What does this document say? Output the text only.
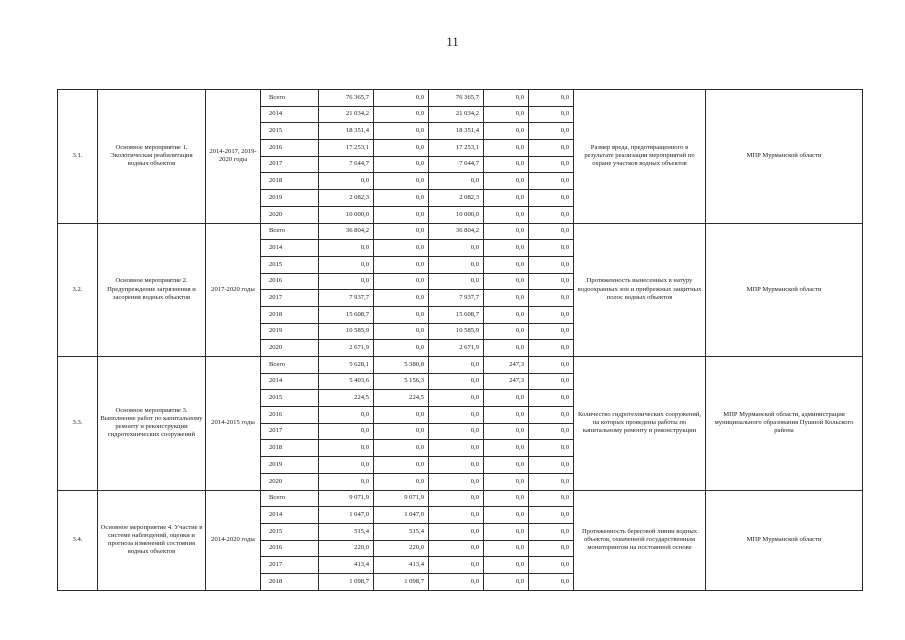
11
3.1.	Основное мероприятие 1. Экологическая реабилитация водных объектов	2014-2017, 2019-2020 годы	Всего	76 365,7	0,0	76 365,7	0,0	0,0	Размер вреда, предотвращенного в результате реализации мероприятий по охране участков водных объектов	МПР Мурманской области
			2014	21 034,2	0,0	21 034,2	0,0	0,0		
			2015	18 351,4	0,0	18 351,4	0,0	0,0		
			2016	17 253,1	0,0	17 253,1	0,0	0,0		
			2017	7 644,7	0,0	7 644,7	0,0	0,0		
			2018	0,0	0,0	0,0	0,0	0,0		
			2019	2 082,3	0,0	2 082,3	0,0	0,0		
			2020	10 000,0	0,0	10 000,0	0,0	0,0		
3.2.	Основное мероприятие 2. Предупреждение загрязнения и засорения водных объектов	2017-2020 годы	Всего	36 804,2	0,0	36 804,2	0,0	0,0	Протяженность вынесенных в натуру водоохранных зон и прибрежных защитных полос водных объектов	МПР Мурманской области
			2014	0,0	0,0	0,0	0,0	0,0		
			2015	0,0	0,0	0,0	0,0	0,0		
			2016	0,0	0,0	0,0	0,0	0,0		
			2017	7 937,7	0,0	7 937,7	0,0	0,0		
			2018	15 608,7	0,0	15 608,7	0,0	0,0		
			2019	10 585,9	0,0	10 585,9	0,0	0,0		
			2020	2 671,9	0,0	2 671,9	0,0	0,0		
3.3.	Основное мероприятие 3. Выполнение работ по капитальному ремонту и реконструкции гидротехнических сооружений	2014-2015 годы	Всего	5 628,1	5 380,8	0,0	247,3	0,0	Количество гидротехнических сооружений, на которых проведены работы по капитальному ремонту и реконструкции	МПР Мурманской области, администрация муниципального образования Пушной Кольского района
			2014	5 403,6	5 156,3	0,0	247,3	0,0		
			2015	224,5	224,5	0,0	0,0	0,0		
			2016	0,0	0,0	0,0	0,0	0,0		
			2017	0,0	0,0	0,0	0,0	0,0		
			2018	0,0	0,0	0,0	0,0	0,0		
			2019	0,0	0,0	0,0	0,0	0,0		
			2020	0,0	0,0	0,0	0,0	0,0		
3.4.	Основное мероприятие 4. Участие в системе наблюдений, оценки и прогноза изменений состояния водных объектов	2014-2020 годы	Всего	9 071,9	9 071,9	0,0	0,0	0,0	Протяженность береговой линии водных объектов, охваченной государственным мониторингом на постоянной основе	МПР Мурманской области
			2014	1 047,0	1 047,0	0,0	0,0	0,0		
			2015	515,4	515,4	0,0	0,0	0,0		
			2016	220,0	220,0	0,0	0,0	0,0		
			2017	413,4	413,4	0,0	0,0	0,0		
			2018	1 098,7	1 098,7	0,0	0,0	0,0		
